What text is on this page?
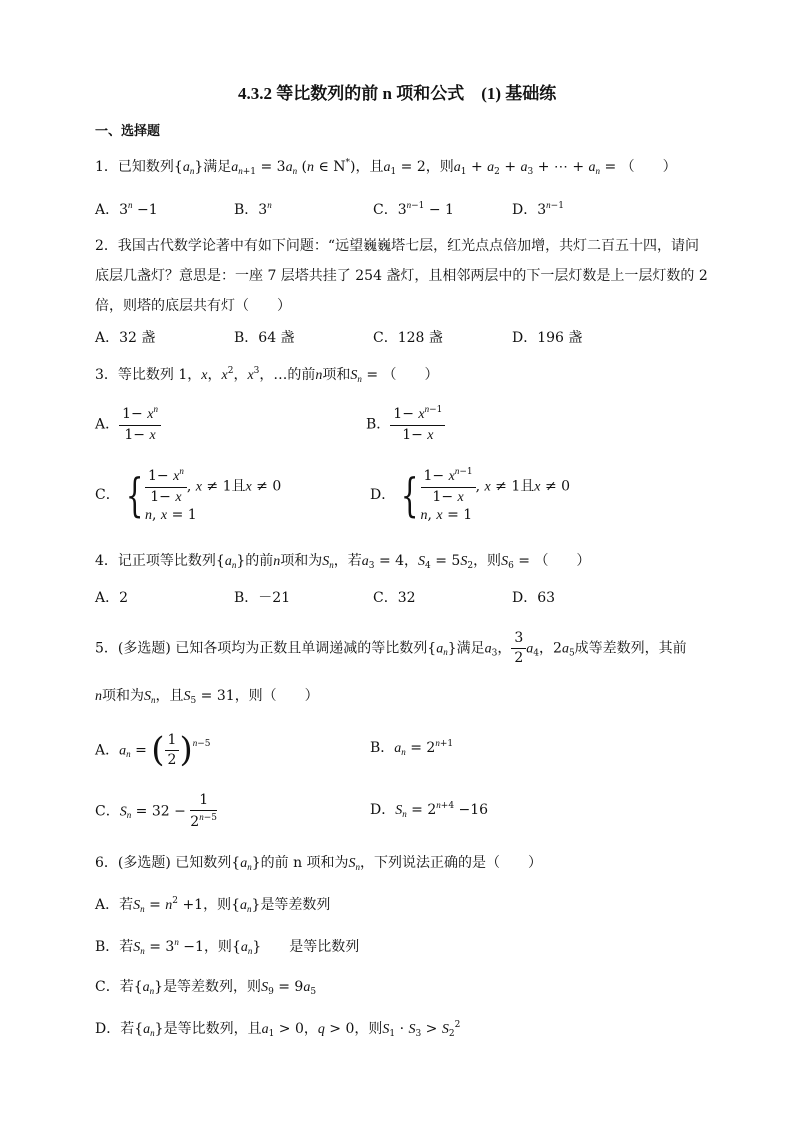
4.3.2 等比数列的前 n 项和公式　(1) 基础练
一、选择题
1．已知数列$\{a_n\}$满足$a_{n+1} = 3a_n$ (n ∈ N*)，且$a_1 = 2$，则$a_1 + a_2 + a_3$ + ⋯ + $a_n$ = （　　）
A．$3^n -1$	B．3$^n$	C．$3^{n-1} - 1$	D．$3^{n-1}$
2．我国古代数学论著中有如下问题：“远望巍巍塔七层，红光点点倍加增，共灯二百五十四，请问
底层几盏灯？意思是：一座 7 层塔共挂了 254 盏灯，且相邻两层中的下一层灯数是上一层灯数的 2
倍，则塔的底层共有灯（　　）
A．32 盏	B．64 盏	C．128 盏	D．196 盏
3．等比数列 1，x，$x^2$，$x^3$，…的前n项和$S_n$ = （　　）
A． $\frac{1- x^n}{1- x}$	B． $\frac{1- x^{n-1}}{1- x}$
C． { $\frac{1- x^n}{1- x}$ , x ≠ 1且x ≠ 0
n, x = 1
D． { $\frac{1- x^{n-1}}{1- x}$ , x ≠ 1且x ≠ 0
n, x = 1
4．记正项等比数列$\{a_n\}$的前n项和为$S_n$，若$a_3 = 4$，$S_4 = 5S_2$，则$S_6$ = （　　）
A．2	B．－21	C．32	D．63
5．(多选题) 已知各项均为正数且单调递减的等比数列$\{a_n\}$满足$a_3$， $\frac{3}{2} a_4$，$2a_5$成等差数列，其前
n项和为$S_n$，且$S_5 = 31$，则（　　）
A．$a_n$ = ( $\frac{1}{2} )^{n-5}$	B．$a_n = 2^{n+1}$
C．$S_n = 32 - \frac{1}{2^{n-5}}$	D．$S_n = 2^{n+4} -16$
6．(多选题) 已知数列$\{a_n\}$的前 n 项和为$S_n$，下列说法正确的是（　　）
A．若$S_n = n^2 +1$，则$\{a_n\}$是等差数列
B．若$S_n = 3^n -1$，则$\{a_n\}$　　是等比数列
C．若$\{a_n\}$是等差数列，则$S_9 = 9a_5$
D．若$\{a_n\}$是等比数列，且$a_1 > 0$，q > 0，则$S_1 \cdot S_3 > S_2^2$
